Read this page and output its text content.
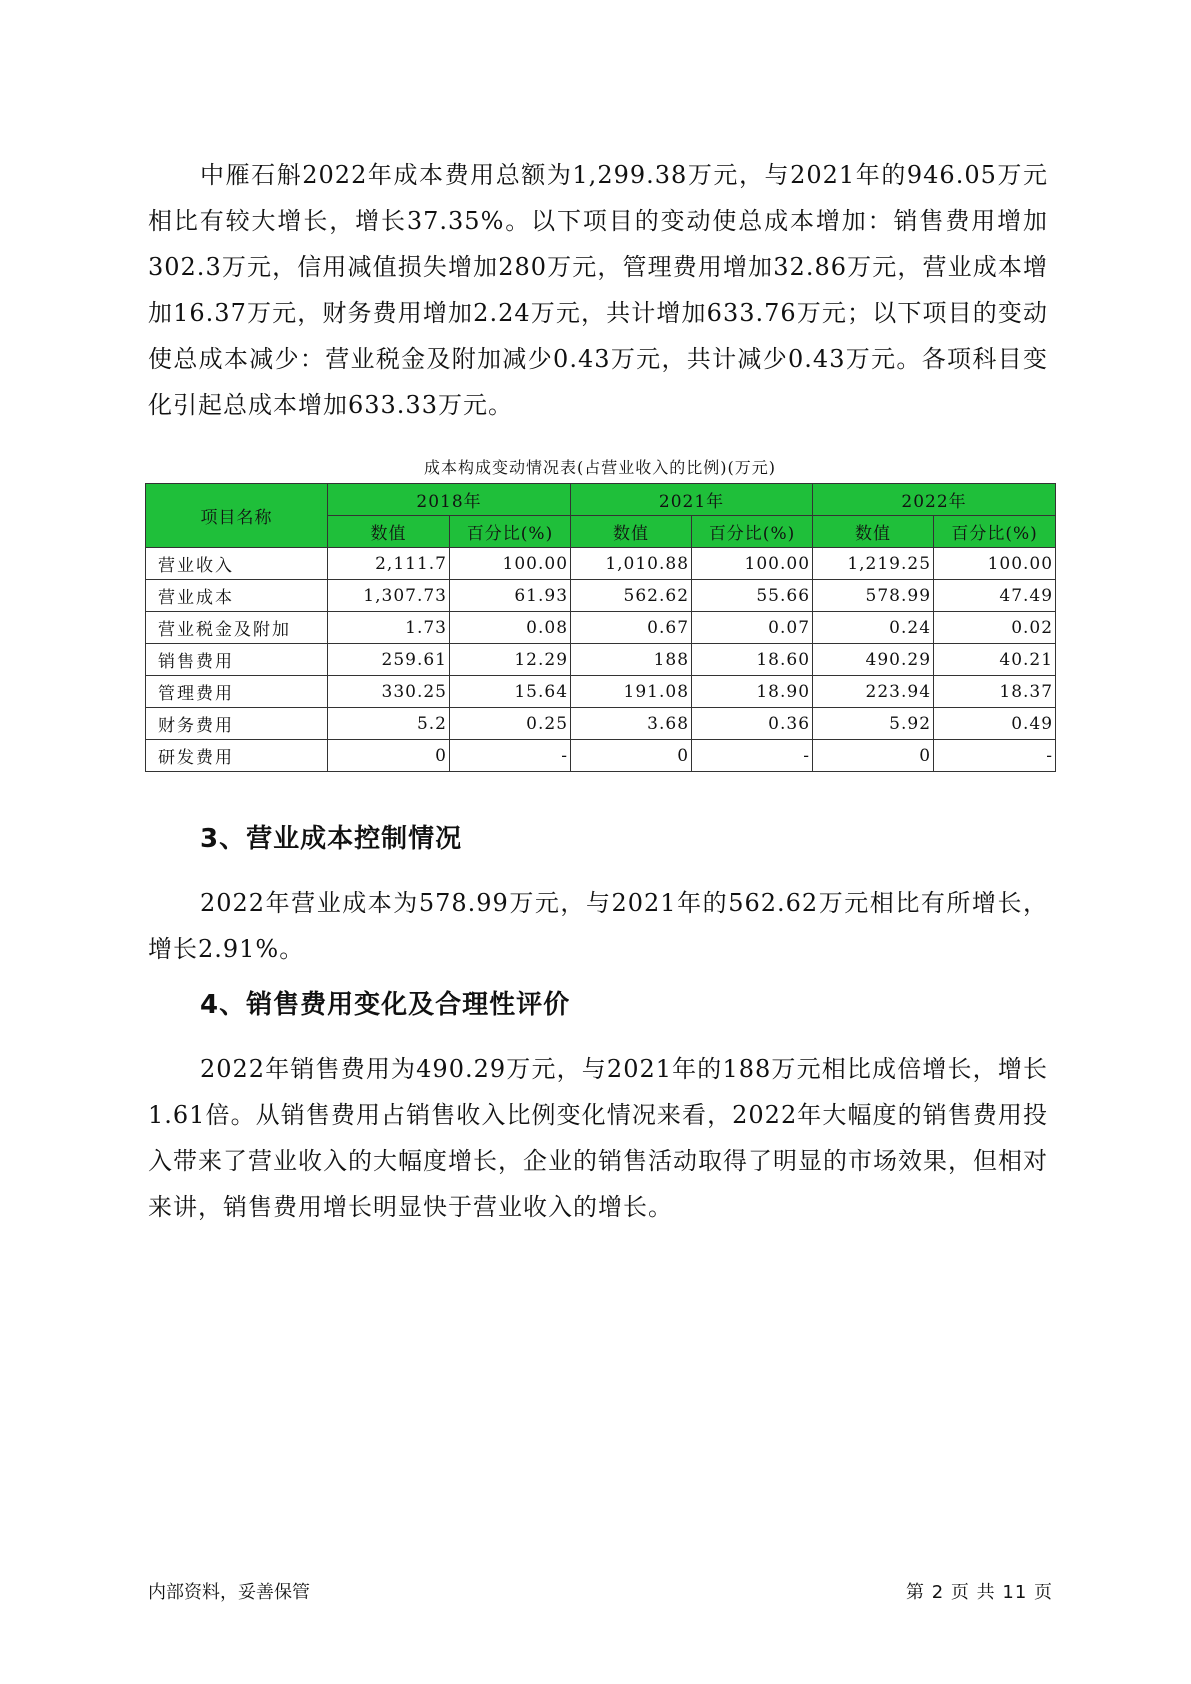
中雁石斛2022年成本费用总额为1,299.38万元，与2021年的946.05万元相比有较大增长，增长37.35%。以下项目的变动使总成本增加：销售费用增加302.3万元，信用减值损失增加280万元，管理费用增加32.86万元，营业成本增加16.37万元，财务费用增加2.24万元，共计增加633.76万元；以下项目的变动使总成本减少：营业税金及附加减少0.43万元，共计减少0.43万元。各项科目变化引起总成本增加633.33万元。
成本构成变动情况表(占营业收入的比例)(万元)
项目名称	2018年		2021年		2022年	
	数值	百分比(%)	数值	百分比(%)	数值	百分比(%)
营业收入	2,111.7	100.00	1,010.88	100.00	1,219.25	100.00
营业成本	1,307.73	61.93	562.62	55.66	578.99	47.49
营业税金及附加	1.73	0.08	0.67	0.07	0.24	0.02
销售费用	259.61	12.29	188	18.60	490.29	40.21
管理费用	330.25	15.64	191.08	18.90	223.94	18.37
财务费用	5.2	0.25	3.68	0.36	5.92	0.49
研发费用	0	-	0	-	0	-
3、营业成本控制情况
2022年营业成本为578.99万元，与2021年的562.62万元相比有所增长，增长2.91%。
4、销售费用变化及合理性评价
2022年销售费用为490.29万元，与2021年的188万元相比成倍增长，增长1.61倍。从销售费用占销售收入比例变化情况来看，2022年大幅度的销售费用投入带来了营业收入的大幅度增长，企业的销售活动取得了明显的市场效果，但相对来讲，销售费用增长明显快于营业收入的增长。
内部资料，妥善保管	第 2 页 共 11 页
